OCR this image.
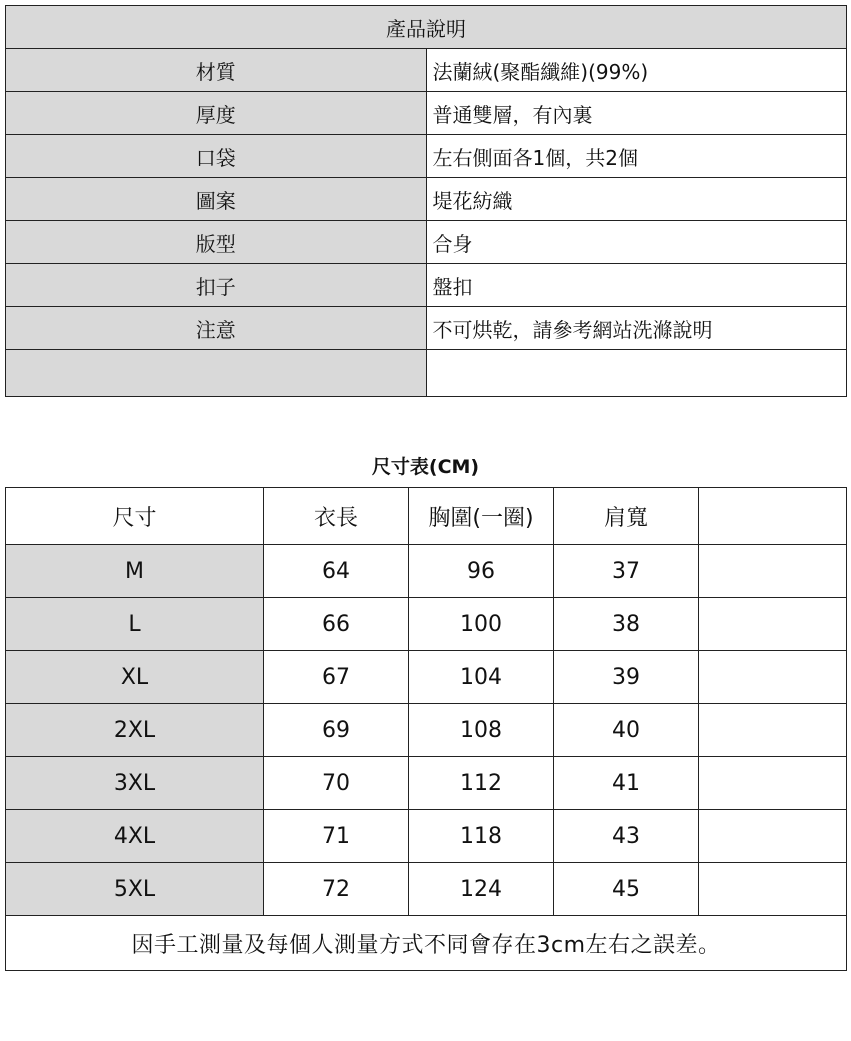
產品說明	
材質	法蘭絨(聚酯纖維)(99%)
厚度	普通雙層，有內裏
口袋	左右側面各1個，共2個
圖案	堤花紡織
版型	合身
扣子	盤扣
注意	不可烘乾，請參考網站洗滌說明

尺寸表(CM)
尺寸	衣長	胸圍(一圈)	肩寬	
M	64	96	37	
L	66	100	38	
XL	67	104	39	
2XL	69	108	40	
3XL	70	112	41	
4XL	71	118	43	
5XL	72	124	45	
因手工測量及每個人測量方式不同會存在3cm左右之誤差。				
